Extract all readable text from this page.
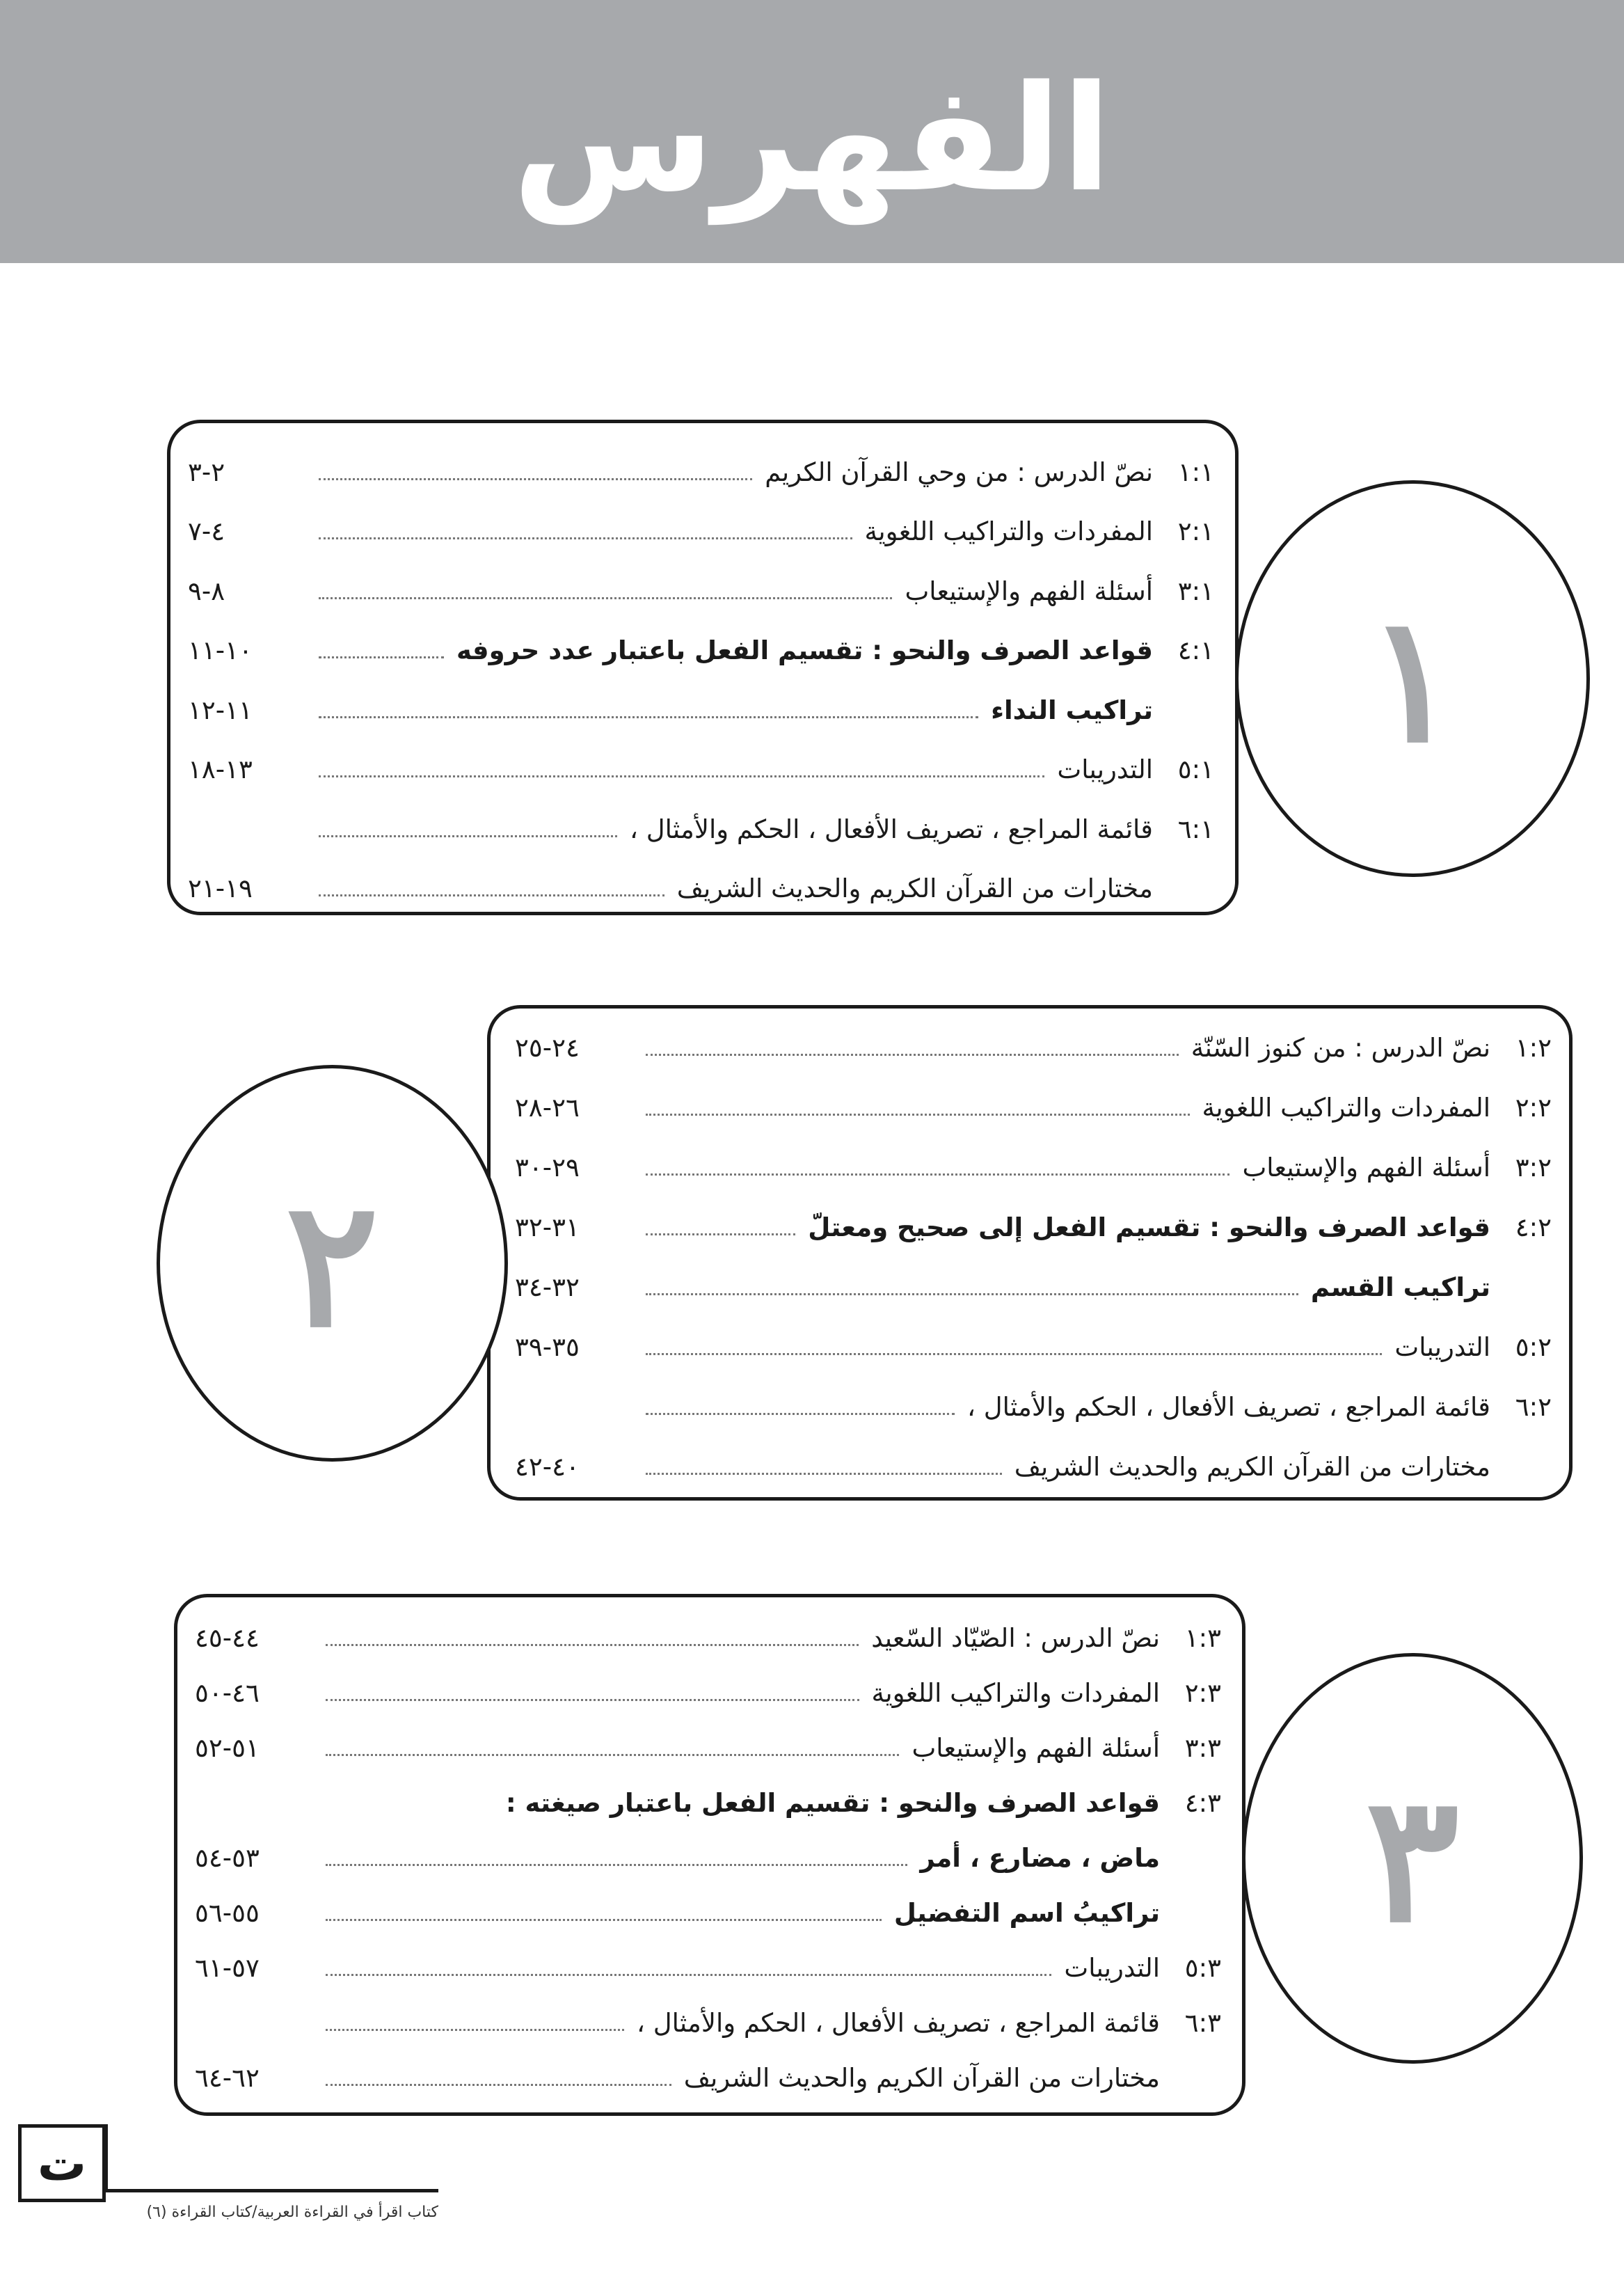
الفهرس
١
١:١
نصّ الدرس : من وحي القرآن الكريم
٢-٣
٢:١
المفردات والتراكيب اللغوية
٤-٧
٣:١
أسئلة الفهم والإستيعاب
٨-٩
٤:١
قواعد الصرف والنحو : تقسيم الفعل باعتبار عدد حروفه
١٠-١١
تراكيب النداء
١١-١٢
٥:١
التدريبات
١٣-١٨
٦:١
قائمة المراجع ، تصريف الأفعال ، الحكم والأمثال ،
مختارات من القرآن الكريم والحديث الشريف
١٩-٢١
٢
١:٢
نصّ الدرس : من كنوز السّنّة
٢٤-٢٥
٢:٢
المفردات والتراكيب اللغوية
٢٦-٢٨
٣:٢
أسئلة الفهم والإستيعاب
٢٩-٣٠
٤:٢
قواعد الصرف والنحو : تقسيم الفعل إلى صحيح ومعتلّ
٣١-٣٢
تراكيب القسم
٣٢-٣٤
٥:٢
التدريبات
٣٥-٣٩
٦:٢
قائمة المراجع ، تصريف الأفعال ، الحكم والأمثال ،
مختارات من القرآن الكريم والحديث الشريف
٤٠-٤٢
٣
١:٣
نصّ الدرس : الصّيّاد السّعيد
٤٤-٤٥
٢:٣
المفردات والتراكيب اللغوية
٤٦-٥٠
٣:٣
أسئلة الفهم والإستيعاب
٥١-٥٢
٤:٣
قواعد الصرف والنحو : تقسيم الفعل باعتبار صيغته :
ماض ، مضارع ، أمر
٥٣-٥٤
تراكيبُ اسم التفضيل
٥٥-٥٦
٥:٣
التدريبات
٥٧-٦١
٦:٣
قائمة المراجع ، تصريف الأفعال ، الحكم والأمثال ،
مختارات من القرآن الكريم والحديث الشريف
٦٢-٦٤
ت
كتاب اقرأ في القراءة العربية/كتاب القراءة (٦)
